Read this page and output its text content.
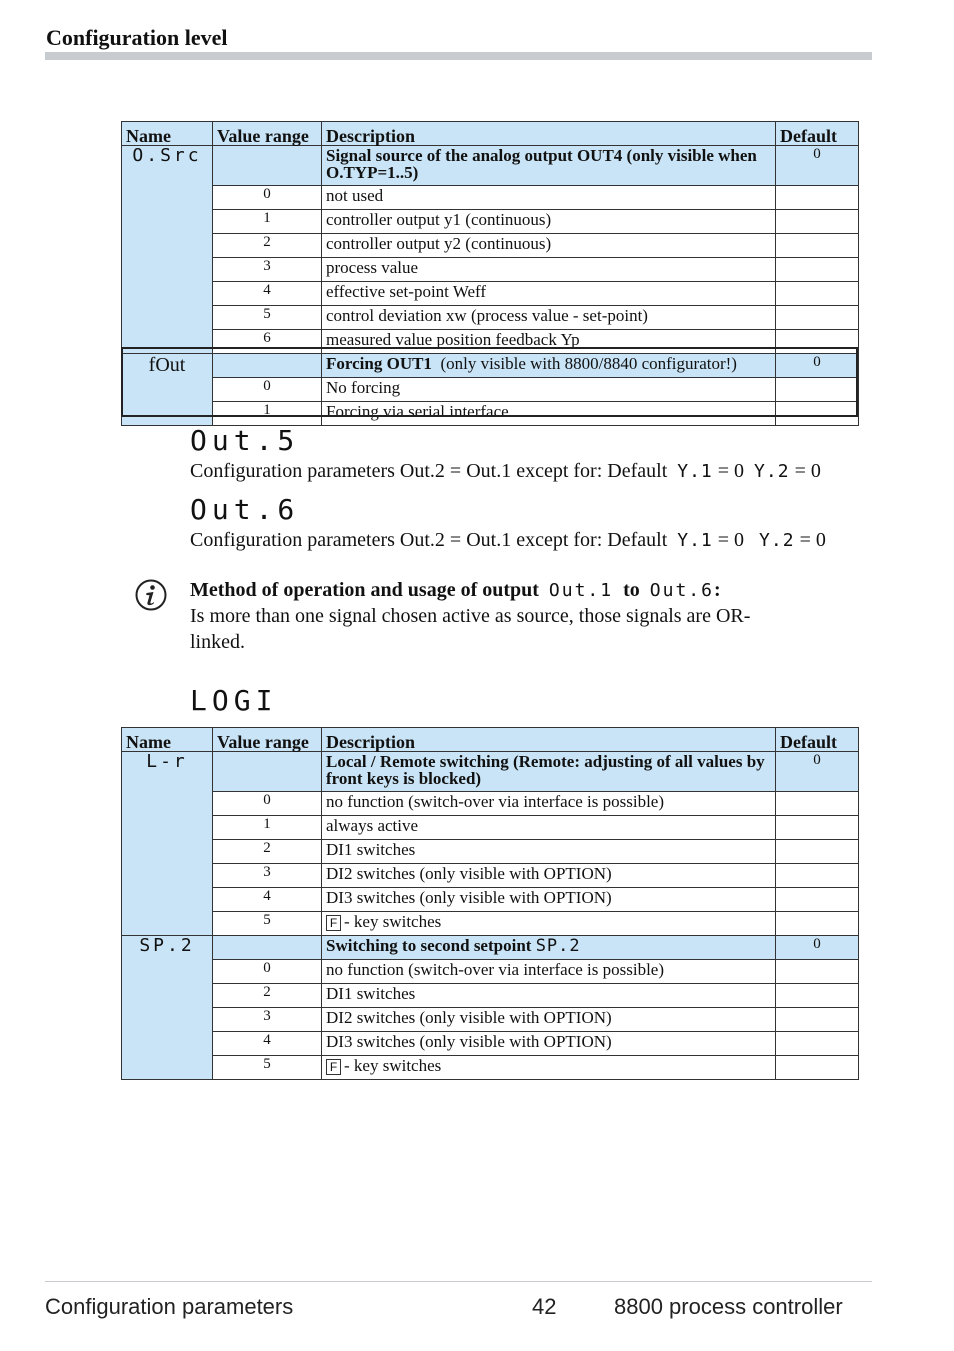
Configuration level
Name	Value range	Description	Default
O.Src		Signal source of the analog output OUT4 (only visible when O.TYP=1..5)	0
	0	not used	
	1	controller output y1 (continuous)	
	2	controller output y2 (continuous)	
	3	process value	
	4	effective set-point Weff	
	5	control deviation xw (process value - set-point)	
	6	measured value position feedback Yp	
fOut		Forcing OUT1 (only visible with 8800/8840 configurator!)	0
	0	No forcing	
	1	Forcing via serial interface	
Out.5
Configuration parameters Out.2 = Out.1 except for: Default Y.1 = 0 Y.2 = 0
Out.6
Configuration parameters Out.2 = Out.1 except for: Default Y.1 = 0 Y.2 = 0
Method of operation and usage of output Out.1 to Out.6:
Is more than one signal chosen active as source, those signals are OR-linked.
LOGI
Name	Value range	Description	Default
L-r		Local / Remote switching (Remote: adjusting of all values by front keys is blocked)	0
	0	no function (switch-over via interface is possible)	
	1	always active	
	2	DI1 switches	
	3	DI2 switches (only visible with OPTION)	
	4	DI3 switches (only visible with OPTION)	
	5	F - key switches	
SP.2		Switching to second setpoint SP.2	0
	0	no function (switch-over via interface is possible)	
	2	DI1 switches	
	3	DI2 switches (only visible with OPTION)	
	4	DI3 switches (only visible with OPTION)	
	5	F - key switches	
Configuration parameters	42	8800 process controller
